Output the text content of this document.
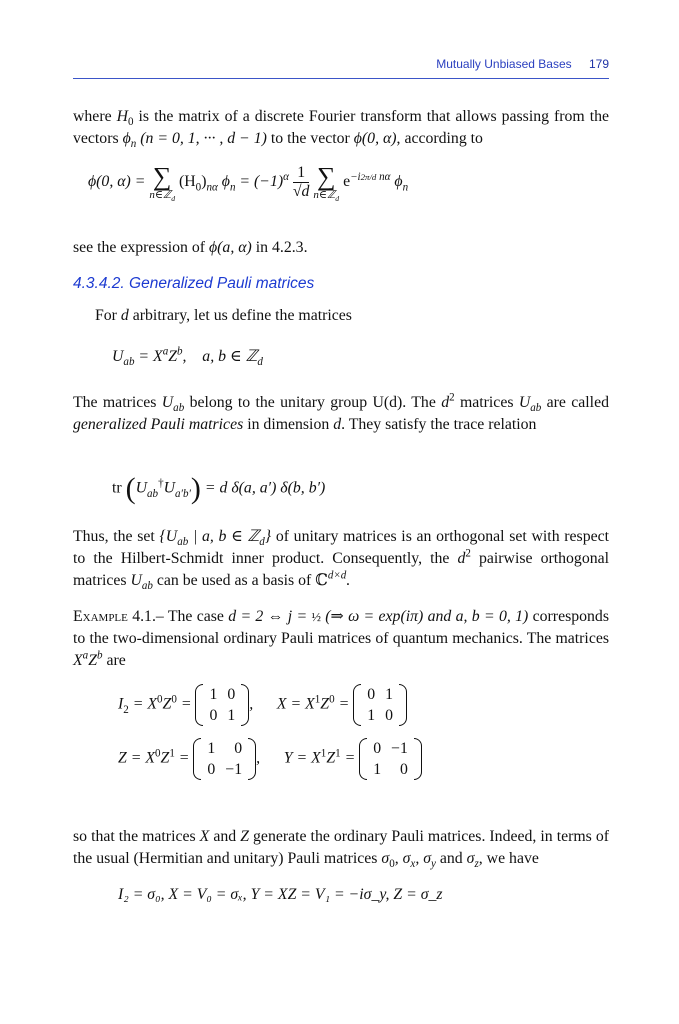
Mutually Unbiased Bases 179
where $H_0$ is the matrix of a discrete Fourier transform that allows passing from the vectors $\phi_n$ (n = 0, 1, ··· , d − 1) to the vector ϕ(0, α), according to
ϕ(0, α) = ∑
n∈ℤ$_d$
$(H_0)_{n\alpha}$ $\phi_n = (-1)^\alpha \frac{1}{√d}$
∑
n∈ℤ$_d$
$e^{-i2\pi/d n\alpha}$ $\phi_n$
see the expression of ϕ(a, α) in 4.2.3.
4.3.4.2. Generalized Pauli matrices
For d arbitrary, let us define the matrices
$U_{ab} = X^aZ^b$,    a, b ∈ ℤ$_d$
The matrices $U_{ab}$ belong to the unitary group U(d). The $d^2$ matrices $U_{ab}$ are called generalized Pauli matrices in dimension d. They satisfy the trace relation
tr $(U_{ab}^\dagger U_{a'b'}) = d$ δ(a, a′) δ(b, b′)
Thus, the set {$U_{ab}$ | a, b ∈ ℤ$_d$} of unitary matrices is an orthogonal set with respect to the Hilbert-Schmidt inner product. Consequently, the $d^2$ pairwise orthogonal matrices $U_{ab}$ can be used as a basis of ℂ$^{d\times d}$.
Example 4.1.– The case d = 2 ⇔ j = ½ (⇒ ω = exp(iπ) and a, b = 0, 1) corresponds to the two-dimensional ordinary Pauli matrices of quantum mechanics. The matrices $X^aZ^b$ are
$I_2 = X^0Z^0$ =
1	0
0	1
,      $X = X^1Z^0$ =
0	1
1	0
$Z = X^0Z^1$ =
1	0
0	−1
,      $Y = X^1Z^1$ =
0	−1
1	0
so that the matrices X and Z generate the ordinary Pauli matrices. Indeed, in terms of the usual (Hermitian and unitary) Pauli matrices $\sigma_0$, $\sigma_x$, $\sigma_y$ and $\sigma_z$, we have
I₂ = σ₀, X = V₀ = σₓ, Y = XZ = V₁ = −iσ_y, Z = σ_z
